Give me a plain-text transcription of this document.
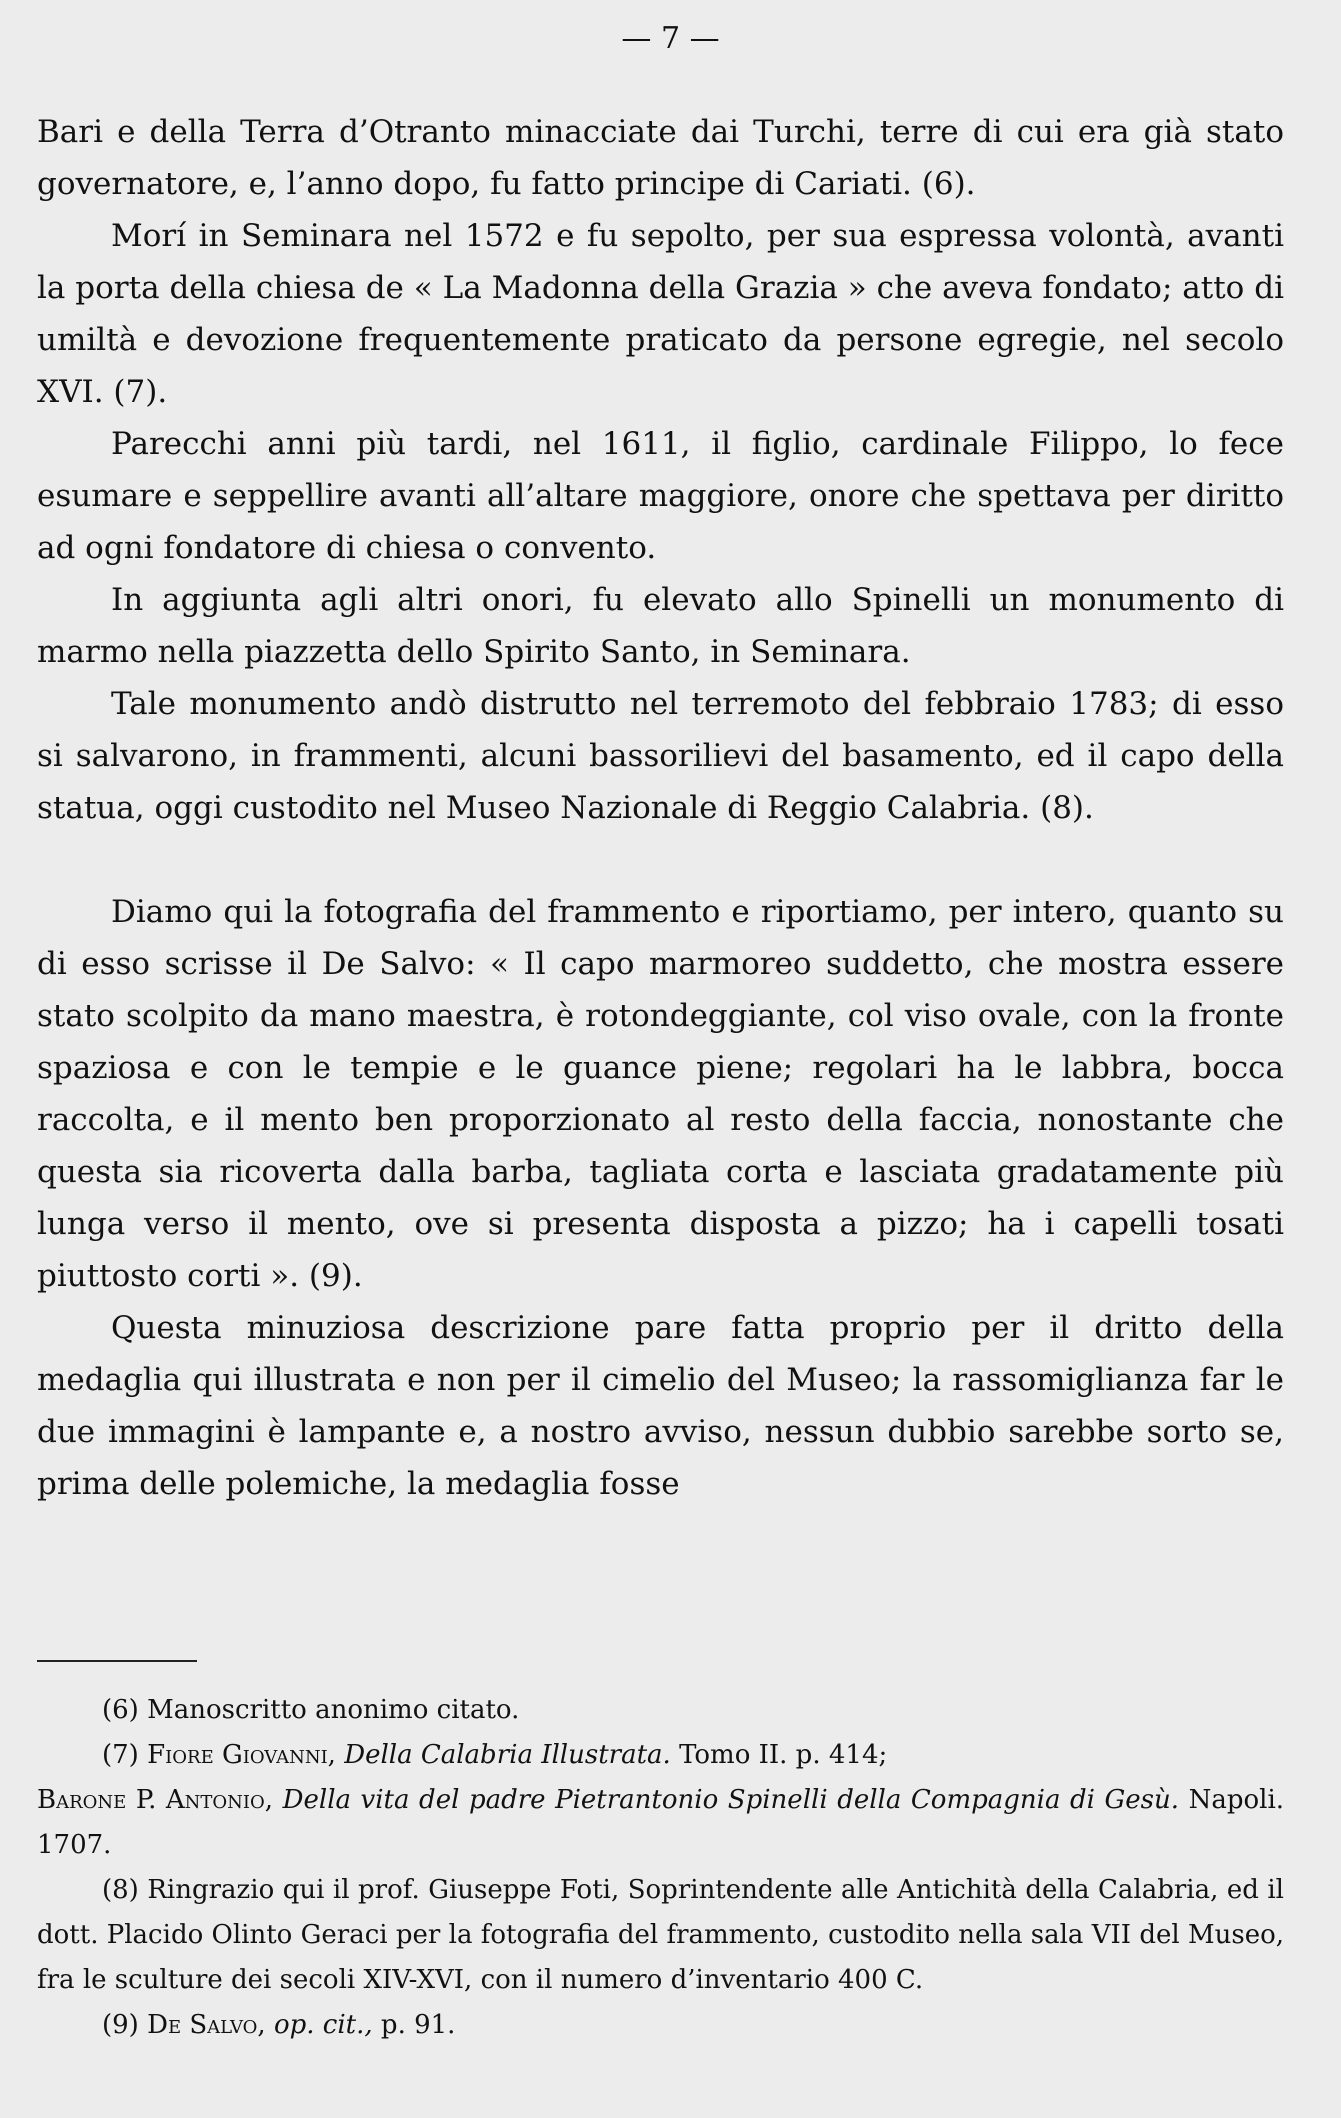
— 7 —

Bari e della Terra d’Otranto minacciate dai Turchi, terre di cui era già stato governatore, e, l’anno dopo, fu fatto principe di Cariati. (6).

Morí in Seminara nel 1572 e fu sepolto, per sua espressa volontà, avanti la porta della chiesa de « La Madonna della Grazia » che aveva fondato; atto di umiltà e devozione frequentemente praticato da persone egregie, nel secolo XVI. (7).

Parecchi anni più tardi, nel 1611, il figlio, cardinale Filippo, lo fece esumare e seppellire avanti all’altare maggiore, onore che spettava per diritto ad ogni fondatore di chiesa o convento.

In aggiunta agli altri onori, fu elevato allo Spinelli un monumento di marmo nella piazzetta dello Spirito Santo, in Seminara.

Tale monumento andò distrutto nel terremoto del febbraio 1783; di esso si salvarono, in frammenti, alcuni bassorilievi del basamento, ed il capo della statua, oggi custodito nel Museo Nazionale di Reggio Calabria. (8).

Diamo qui la fotografia del frammento e riportiamo, per intero, quanto su di esso scrisse il De Salvo: « Il capo marmoreo suddetto, che mostra essere stato scolpito da mano maestra, è rotondeggiante, col viso ovale, con la fronte spaziosa e con le tempie e le guance piene; regolari ha le labbra, bocca raccolta, e il mento ben proporzionato al resto della faccia, nonostante che questa sia ricoverta dalla barba, tagliata corta e lasciata gradatamente più lunga verso il mento, ove si presenta disposta a pizzo; ha i capelli tosati piuttosto corti ». (9).

Questa minuziosa descrizione pare fatta proprio per il dritto della medaglia qui illustrata e non per il cimelio del Museo; la rassomiglianza far le due immagini è lampante e, a nostro avviso, nessun dubbio sarebbe sorto se, prima delle polemiche, la medaglia fosse

(6) Manoscritto anonimo citato.

(7) Fiore Giovanni, Della Calabria Illustrata. Tomo II. p. 414;

Barone P. Antonio, Della vita del padre Pietrantonio Spinelli della Compagnia di Gesù. Napoli. 1707.

(8) Ringrazio qui il prof. Giuseppe Foti, Soprintendente alle Antichità della Calabria, ed il dott. Placido Olinto Geraci per la fotografia del frammento, custodito nella sala VII del Museo, fra le sculture dei secoli XIV-XVI, con il numero d’inventario 400 C.

(9) De Salvo, op. cit., p. 91.
